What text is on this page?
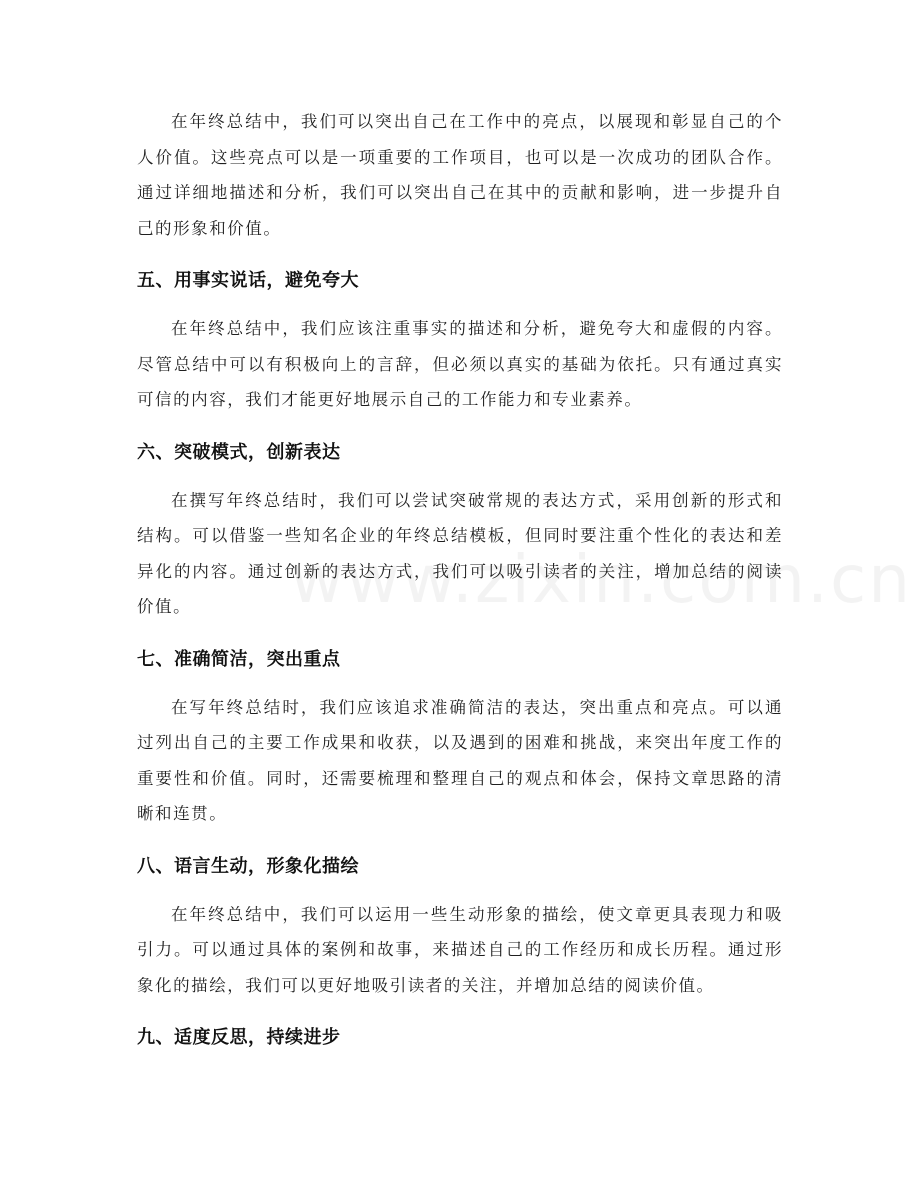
在年终总结中，我们可以突出自己在工作中的亮点，以展现和彰显自己的个人价值。这些亮点可以是一项重要的工作项目，也可以是一次成功的团队合作。通过详细地描述和分析，我们可以突出自己在其中的贡献和影响，进一步提升自己的形象和价值。

五、用事实说话，避免夸大

在年终总结中，我们应该注重事实的描述和分析，避免夸大和虚假的内容。尽管总结中可以有积极向上的言辞，但必须以真实的基础为依托。只有通过真实可信的内容，我们才能更好地展示自己的工作能力和专业素养。

六、突破模式，创新表达

在撰写年终总结时，我们可以尝试突破常规的表达方式，采用创新的形式和结构。可以借鉴一些知名企业的年终总结模板，但同时要注重个性化的表达和差异化的内容。通过创新的表达方式，我们可以吸引读者的关注，增加总结的阅读价值。

七、准确简洁，突出重点

在写年终总结时，我们应该追求准确简洁的表达，突出重点和亮点。可以通过列出自己的主要工作成果和收获，以及遇到的困难和挑战，来突出年度工作的重要性和价值。同时，还需要梳理和整理自己的观点和体会，保持文章思路的清晰和连贯。

八、语言生动，形象化描绘

在年终总结中，我们可以运用一些生动形象的描绘，使文章更具表现力和吸引力。可以通过具体的案例和故事，来描述自己的工作经历和成长历程。通过形象化的描绘，我们可以更好地吸引读者的关注，并增加总结的阅读价值。

九、适度反思，持续进步
